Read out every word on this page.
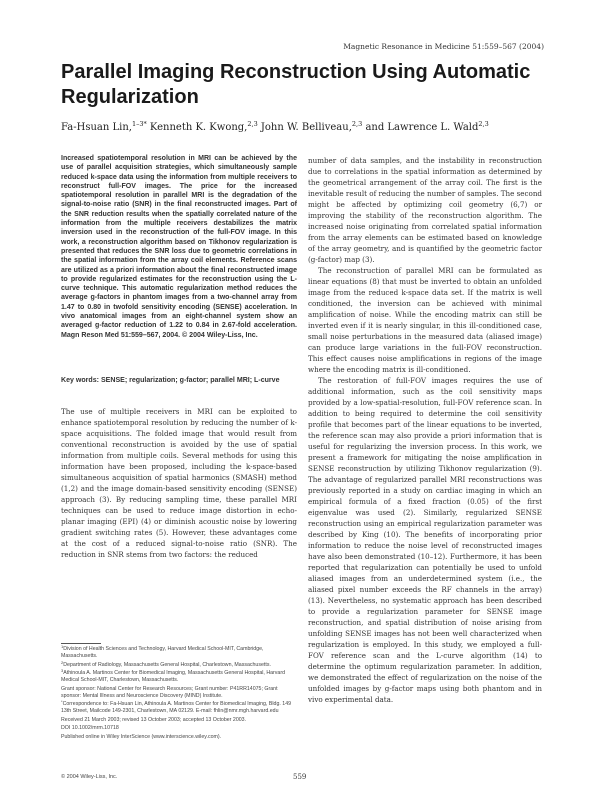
Magnetic Resonance in Medicine 51:559–567 (2004)
Parallel Imaging Reconstruction Using Automatic Regularization
Fa-Hsuan Lin,$^{1-3*}$ Kenneth K. Kwong,$^{2,3}$ John W. Belliveau,$^{2,3}$ and Lawrence L. Wald$^{2,3}$

Increased spatiotemporal resolution in MRI can be achieved by the use of parallel acquisition strategies, which simultaneously sample reduced k-space data using the information from multiple receivers to reconstruct full-FOV images. The price for the increased spatiotemporal resolution in parallel MRI is the degradation of the signal-to-noise ratio (SNR) in the final reconstructed images. Part of the SNR reduction results when the spatially correlated nature of the information from the multiple receivers destabilizes the matrix inversion used in the reconstruction of the full-FOV image. In this work, a reconstruction algorithm based on Tikhonov regularization is presented that reduces the SNR loss due to geometric correlations in the spatial information from the array coil elements. Reference scans are utilized as a priori information about the final reconstructed image to provide regularized estimates for the reconstruction using the L-curve technique. This automatic regularization method reduces the average g-factors in phantom images from a two-channel array from 1.47 to 0.80 in twofold sensitivity encoding (SENSE) acceleration. In vivo anatomical images from an eight-channel system show an averaged g-factor reduction of 1.22 to 0.84 in 2.67-fold acceleration. Magn Reson Med 51:559–567, 2004. © 2004 Wiley-Liss, Inc.

Key words: SENSE; regularization; g-factor; parallel MRI; L-curve

The use of multiple receivers in MRI can be exploited to enhance spatiotemporal resolution by reducing the number of k-space acquisitions. The folded image that would result from conventional reconstruction is avoided by the use of spatial information from multiple coils. Several methods for using this information have been proposed, including the k-space-based simultaneous acquisition of spatial harmonics (SMASH) method (1,2) and the image domain-based sensitivity encoding (SENSE) approach (3). By reducing sampling time, these parallel MRI techniques can be used to reduce image distortion in echo-planar imaging (EPI) (4) or diminish acoustic noise by lowering gradient switching rates (5). However, these advantages come at the cost of a reduced signal-to-noise ratio (SNR). The reduction in SNR stems from two factors: the reduced

$^1$Division of Health Sciences and Technology, Harvard Medical School-MIT, Cambridge, Massachusetts.

$^2$Department of Radiology, Massachusetts General Hospital, Charlestown, Massachusetts.

$^3$Athinoula A. Martinos Center for Biomedical Imaging, Massachusetts General Hospital, Harvard Medical School-MIT, Charlestown, Massachusetts.

Grant sponsor: National Center for Research Resources; Grant number: P41RR14075; Grant sponsor: Mental Illness and Neuroscience Discovery (MIND) Institute.

*Correspondence to: Fa-Hsuan Lin, Athinoula A. Martinos Center for Biomedical Imaging, Bldg. 149 13th Street, Mailcode 149-2301, Charlestown, MA 02129. E-mail: fhlin@nmr.mgh.harvard.edu

Received 21 March 2003; revised 13 October 2003; accepted 13 October 2003.

DOI 10.1002/mrm.10718

Published online in Wiley InterScience (www.interscience.wiley.com).

© 2004 Wiley-Liss, Inc.	559

number of data samples, and the instability in reconstruction due to correlations in the spatial information as determined by the geometrical arrangement of the array coil. The first is the inevitable result of reducing the number of samples. The second might be affected by optimizing coil geometry (6,7) or improving the stability of the reconstruction algorithm. The increased noise originating from correlated spatial information from the array elements can be estimated based on knowledge of the array geometry, and is quantified by the geometric factor (g-factor) map (3).

The reconstruction of parallel MRI can be formulated as linear equations (8) that must be inverted to obtain an unfolded image from the reduced k-space data set. If the matrix is well conditioned, the inversion can be achieved with minimal amplification of noise. While the encoding matrix can still be inverted even if it is nearly singular, in this ill-conditioned case, small noise perturbations in the measured data (aliased image) can produce large variations in the full-FOV reconstruction. This effect causes noise amplifications in regions of the image where the encoding matrix is ill-conditioned.

The restoration of full-FOV images requires the use of additional information, such as the coil sensitivity maps provided by a low-spatial-resolution, full-FOV reference scan. In addition to being required to determine the coil sensitivity profile that becomes part of the linear equations to be inverted, the reference scan may also provide a priori information that is useful for regularizing the inversion process. In this work, we present a framework for mitigating the noise amplification in SENSE reconstruction by utilizing Tikhonov regularization (9). The advantage of regularized parallel MRI reconstructions was previously reported in a study on cardiac imaging in which an empirical formula of a fixed fraction (0.05) of the first eigenvalue was used (2). Similarly, regularized SENSE reconstruction using an empirical regularization parameter was described by King (10). The benefits of incorporating prior information to reduce the noise level of reconstructed images have also been demonstrated (10–12). Furthermore, it has been reported that regularization can potentially be used to unfold aliased images from an underdetermined system (i.e., the aliased pixel number exceeds the RF channels in the array) (13). Nevertheless, no systematic approach has been described to provide a regularization parameter for SENSE image reconstruction, and spatial distribution of noise arising from unfolding SENSE images has not been well characterized when regularization is employed. In this study, we employed a full-FOV reference scan and the L-curve algorithm (14) to determine the optimum regularization parameter. In addition, we demonstrated the effect of regularization on the noise of the unfolded images by g-factor maps using both phantom and in vivo experimental data.
